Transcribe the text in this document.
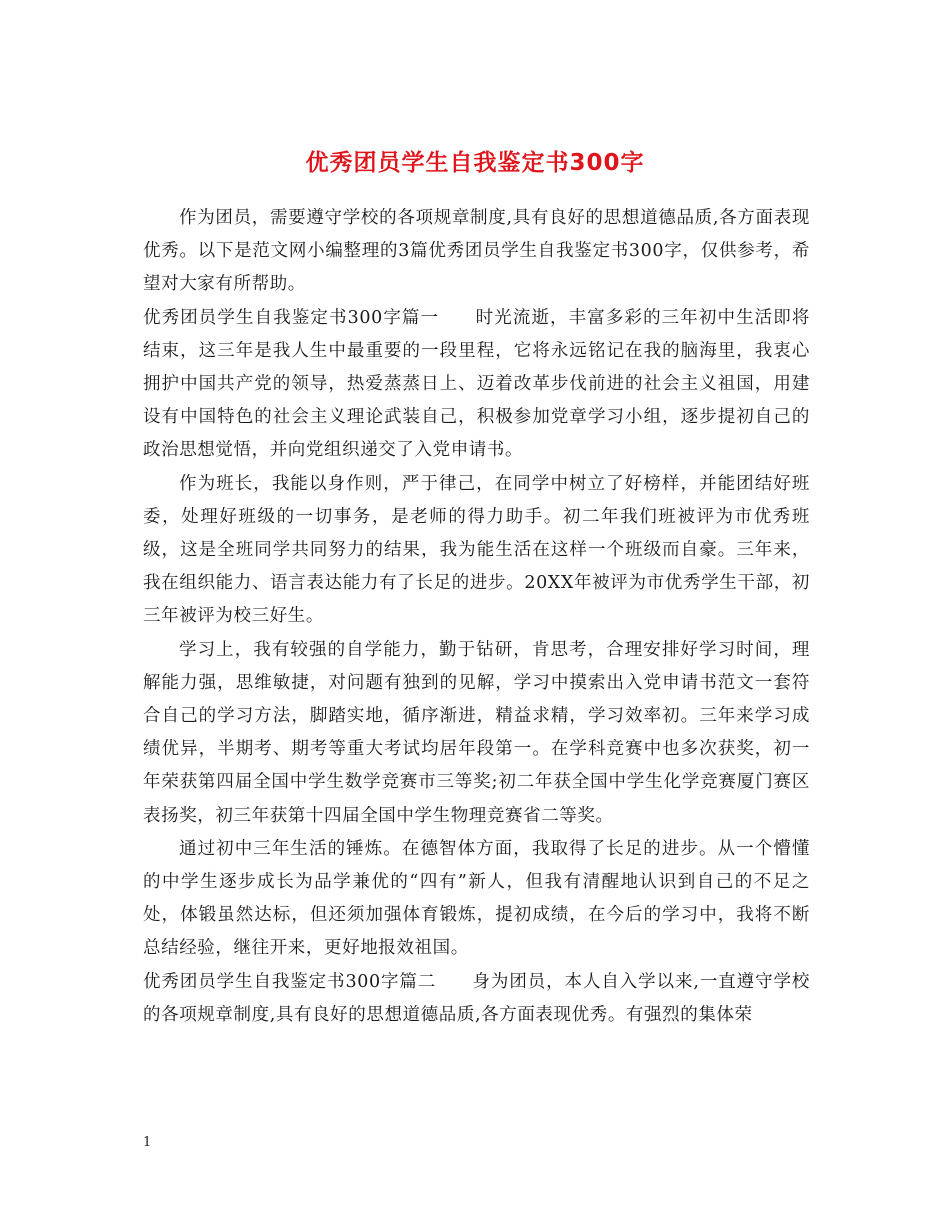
优秀团员学生自我鉴定书300字

作为团员，需要遵守学校的各项规章制度,具有良好的思想道德品质,各方面表现优秀。以下是范文网小编整理的3篇优秀团员学生自我鉴定书300字，仅供参考，希望对大家有所帮助。

优秀团员学生自我鉴定书300字篇一 时光流逝，丰富多彩的三年初中生活即将结束，这三年是我人生中最重要的一段里程，它将永远铭记在我的脑海里，我衷心拥护中国共产党的领导，热爱蒸蒸日上、迈着改革步伐前进的社会主义祖国，用建设有中国特色的社会主义理论武装自己，积极参加党章学习小组，逐步提初自己的政治思想觉悟，并向党组织递交了入党申请书。

作为班长，我能以身作则，严于律己，在同学中树立了好榜样，并能团结好班委，处理好班级的一切事务，是老师的得力助手。初二年我们班被评为市优秀班级，这是全班同学共同努力的结果，我为能生活在这样一个班级而自豪。三年来，我在组织能力、语言表达能力有了长足的进步。20XX年被评为市优秀学生干部，初三年被评为校三好生。

学习上，我有较强的自学能力，勤于钻研，肯思考，合理安排好学习时间，理解能力强，思维敏捷，对问题有独到的见解，学习中摸索出入党申请书范文一套符合自己的学习方法，脚踏实地，循序渐进，精益求精，学习效率初。三年来学习成绩优异，半期考、期考等重大考试均居年段第一。在学科竞赛中也多次获奖，初一年荣获第四届全国中学生数学竞赛市三等奖;初二年获全国中学生化学竞赛厦门赛区表扬奖，初三年获第十四届全国中学生物理竞赛省二等奖。

通过初中三年生活的锤炼。在德智体方面，我取得了长足的进步。从一个懵懂的中学生逐步成长为品学兼优的“四有”新人，但我有清醒地认识到自己的不足之处，体锻虽然达标，但还须加强体育锻炼，提初成绩，在今后的学习中，我将不断总结经验，继往开来，更好地报效祖国。

优秀团员学生自我鉴定书300字篇二 身为团员，本人自入学以来,一直遵守学校的各项规章制度,具有良好的思想道德品质,各方面表现优秀。有强烈的集体荣

1
